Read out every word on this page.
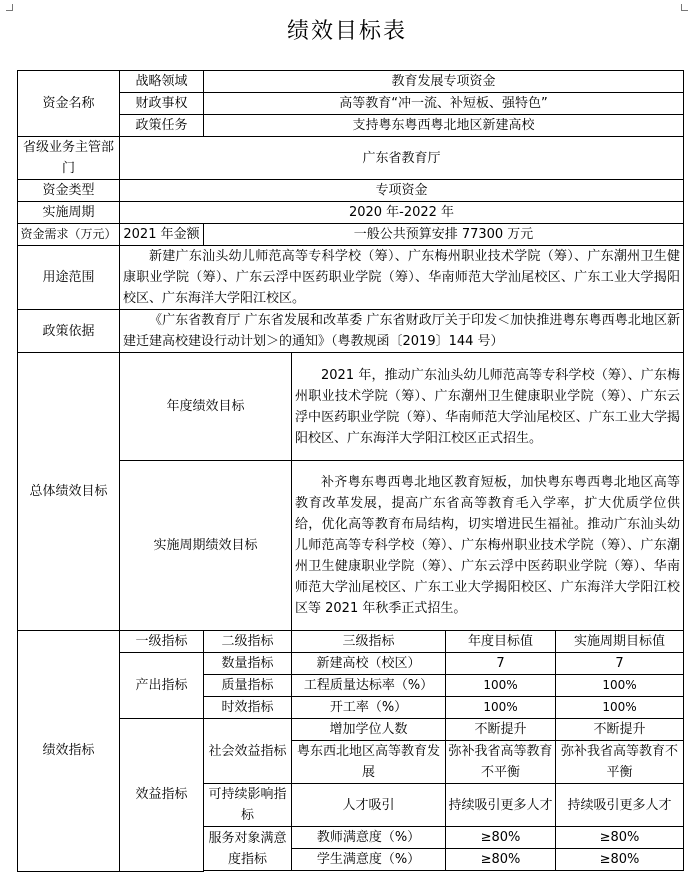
绩效目标表
资金名称	战略领域	教育发展专项资金			
	财政事权	高等教育“冲一流、补短板、强特色”			
	政策任务	支持粤东粤西粤北地区新建高校			
省级业务主管部门	广东省教育厅				
资金类型	专项资金				
实施周期	2020 年-2022 年				
资金需求（万元）	2021 年金额	一般公共预算安排 77300 万元			
用途范围	新建广东汕头幼儿师范高等专科学校（筹）、广东梅州职业技术学院（筹）、广东潮州卫生健康职业学院（筹）、广东云浮中医药职业学院（筹）、华南师范大学汕尾校区、广东工业大学揭阳校区、广东海洋大学阳江校区。				
政策依据	《广东省教育厅 广东省发展和改革委 广东省财政厅关于印发＜加快推进粤东粤西粤北地区新建迁建高校建设行动计划＞的通知》（粤教规函〔2019〕144 号）				
总体绩效目标	年度绩效目标		2021 年，推动广东汕头幼儿师范高等专科学校（筹）、广东梅州职业技术学院（筹）、广东潮州卫生健康职业学院（筹）、广东云浮中医药职业学院（筹）、华南师范大学汕尾校区、广东工业大学揭阳校区、广东海洋大学阳江校区正式招生。		
	实施周期绩效目标		补齐粤东粤西粤北地区教育短板，加快粤东粤西粤北地区高等教育改革发展，提高广东省高等教育毛入学率，扩大优质学位供给，优化高等教育布局结构，切实增进民生福祉。推动广东汕头幼儿师范高等专科学校（筹）、广东梅州职业技术学院（筹）、广东潮州卫生健康职业学院（筹）、广东云浮中医药职业学院（筹）、华南师范大学汕尾校区、广东工业大学揭阳校区、广东海洋大学阳江校区等 2021 年秋季正式招生。		
绩效指标	一级指标	二级指标	三级指标	年度目标值	实施周期目标值
	产出指标	数量指标	新建高校（校区）	7	7
		质量指标	工程质量达标率（%）	100%	100%
		时效指标	开工率（%）	100%	100%
	效益指标	社会效益指标	增加学位人数	不断提升	不断提升
			粤东西北地区高等教育发展	弥补我省高等教育不平衡	弥补我省高等教育不平衡
		可持续影响指标	人才吸引	持续吸引更多人才	持续吸引更多人才
		服务对象满意度指标	教师满意度（%）	≥80%	≥80%
			学生满意度（%）	≥80%	≥80%
